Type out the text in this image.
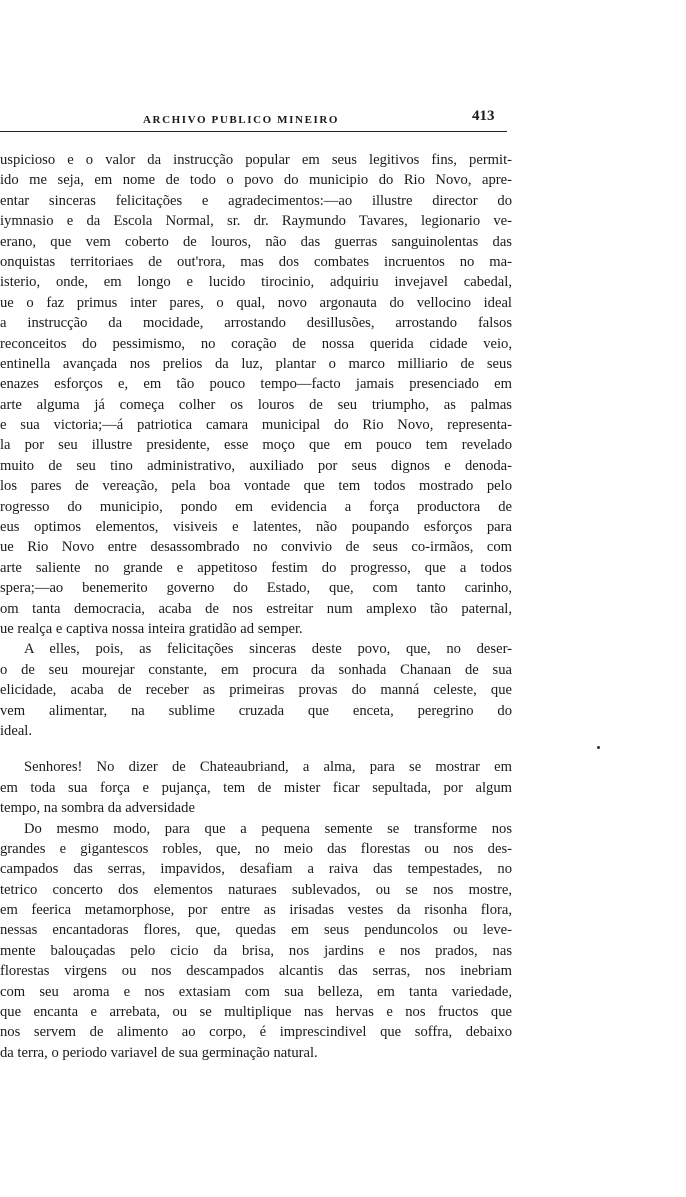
ARCHIVO PUBLICO MINEIRO	413
uspicioso e o valor da instrucção popular em seus legitivos fins, permit-
ido me seja, em nome de todo o povo do municipio do Rio Novo, apre-
entar sinceras felicitações e agradecimentos:—ao illustre director do
iymnasio e da Escola Normal, sr. dr. Raymundo Tavares, legionario ve-
erano, que vem coberto de louros, não das guerras sanguinolentas das
onquistas territoriaes de out'rora, mas dos combates incruentos no ma-
isterio, onde, em longo e lucido tirocinio, adquiriu invejavel cabedal,
ue o faz primus inter pares, o qual, novo argonauta do vellocino ideal
a instrucção da mocidade, arrostando desillusões, arrostando falsos
reconceitos do pessimismo, no coração de nossa querida cidade veio,
entinella avançada nos prelios da luz, plantar o marco milliario de seus
enazes esforços e, em tão pouco tempo—facto jamais presenciado em
arte alguma já começa colher os louros de seu triumpho, as palmas
e sua victoria;—á patriotica camara municipal do Rio Novo, representa-
la por seu illustre presidente, esse moço que em pouco tem revelado
muito de seu tino administrativo, auxiliado por seus dignos e denoda-
los pares de vereação, pela boa vontade que tem todos mostrado pelo
rogresso do municipio, pondo em evidencia a força productora de
eus optimos elementos, visiveis e latentes, não poupando esforços para
ue Rio Novo entre desassombrado no convivio de seus co-irmãos, com
arte saliente no grande e appetitoso festim do progresso, que a todos
spera;—ao benemerito governo do Estado, que, com tanto carinho,
om tanta democracia, acaba de nos estreitar num amplexo tão paternal,
ue realça e captiva nossa inteira gratidão ad semper.
A elles, pois, as felicitações sinceras deste povo, que, no deser-
o de seu mourejar constante, em procura da sonhada Chanaan de sua
elicidade, acaba de receber as primeiras provas do manná celeste, que
vem alimentar, na sublime cruzada que enceta, peregrino do
ideal.
Senhores! No dizer de Chateaubriand, a alma, para se mostrar em
em toda sua força e pujança, tem de mister ficar sepultada, por algum
tempo, na sombra da adversidade
Do mesmo modo, para que a pequena semente se transforme nos
grandes e gigantescos robles, que, no meio das florestas ou nos des-
campados das serras, impavidos, desafiam a raiva das tempestades, no
tetrico concerto dos elementos naturaes sublevados, ou se nos mostre,
em feerica metamorphose, por entre as irisadas vestes da risonha flora,
nessas encantadoras flores, que, quedas em seus penduncolos ou leve-
mente balouçadas pelo cicio da brisa, nos jardins e nos prados, nas
florestas virgens ou nos descampados alcantis das serras, nos inebriam
com seu aroma e nos extasiam com sua belleza, em tanta variedade,
que encanta e arrebata, ou se multiplique nas hervas e nos fructos que
nos servem de alimento ao corpo, é imprescindivel que soffra, debaixo
da terra, o periodo variavel de sua germinação natural.
